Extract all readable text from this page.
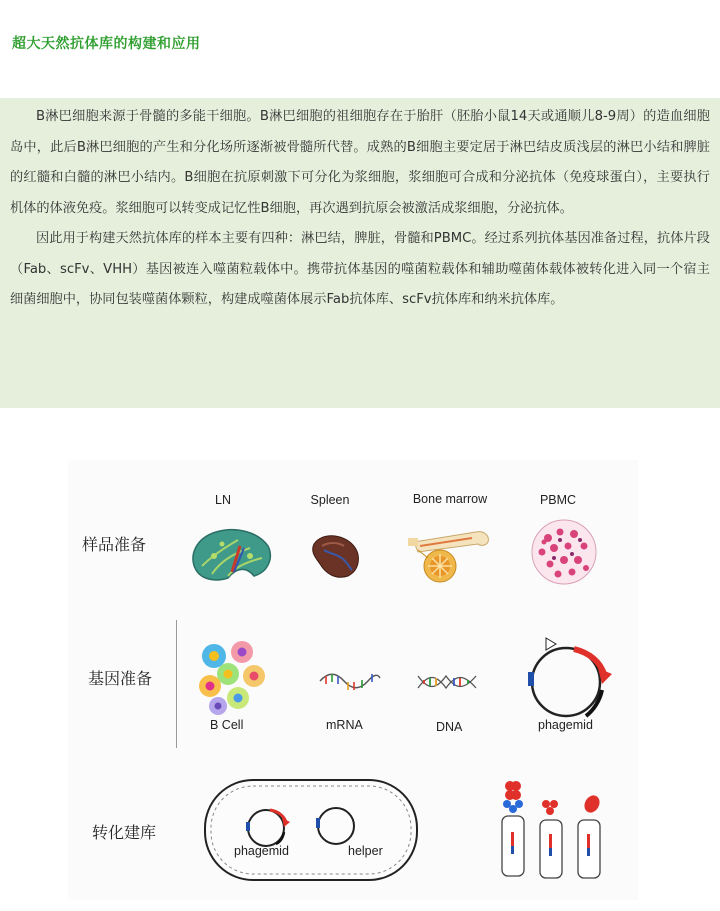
超大天然抗体库的构建和应用

B淋巴细胞来源于骨髓的多能干细胞。B淋巴细胞的祖细胞存在于胎肝（胚胎小鼠14天或通顺儿8-9周）的造血细胞岛中，此后B淋巴细胞的产生和分化场所逐渐被骨髓所代替。成熟的B细胞主要定居于淋巴结皮质浅层的淋巴小结和脾脏的红髓和白髓的淋巴小结内。B细胞在抗原刺激下可分化为浆细胞，浆细胞可合成和分泌抗体（免疫球蛋白），主要执行机体的体液免疫。浆细胞可以转变成记忆性B细胞，再次遇到抗原会被激活成浆细胞，分泌抗体。

因此用于构建天然抗体库的样本主要有四种：淋巴结，脾脏，骨髓和PBMC。经过系列抗体基因准备过程，抗体片段（Fab、scFv、VHH）基因被连入噬菌粒载体中。携带抗体基因的噬菌粒载体和辅助噬菌体载体被转化进入同一个宿主细菌细胞中，协同包装噬菌体颗粒，构建成噬菌体展示Fab抗体库、scFv抗体库和纳米抗体库。

样品准备
基因准备
转化建库
LN	Spleen	Bone marrow	PBMC
B Cell	mRNA	DNA	phagemid
phagemid	helper
